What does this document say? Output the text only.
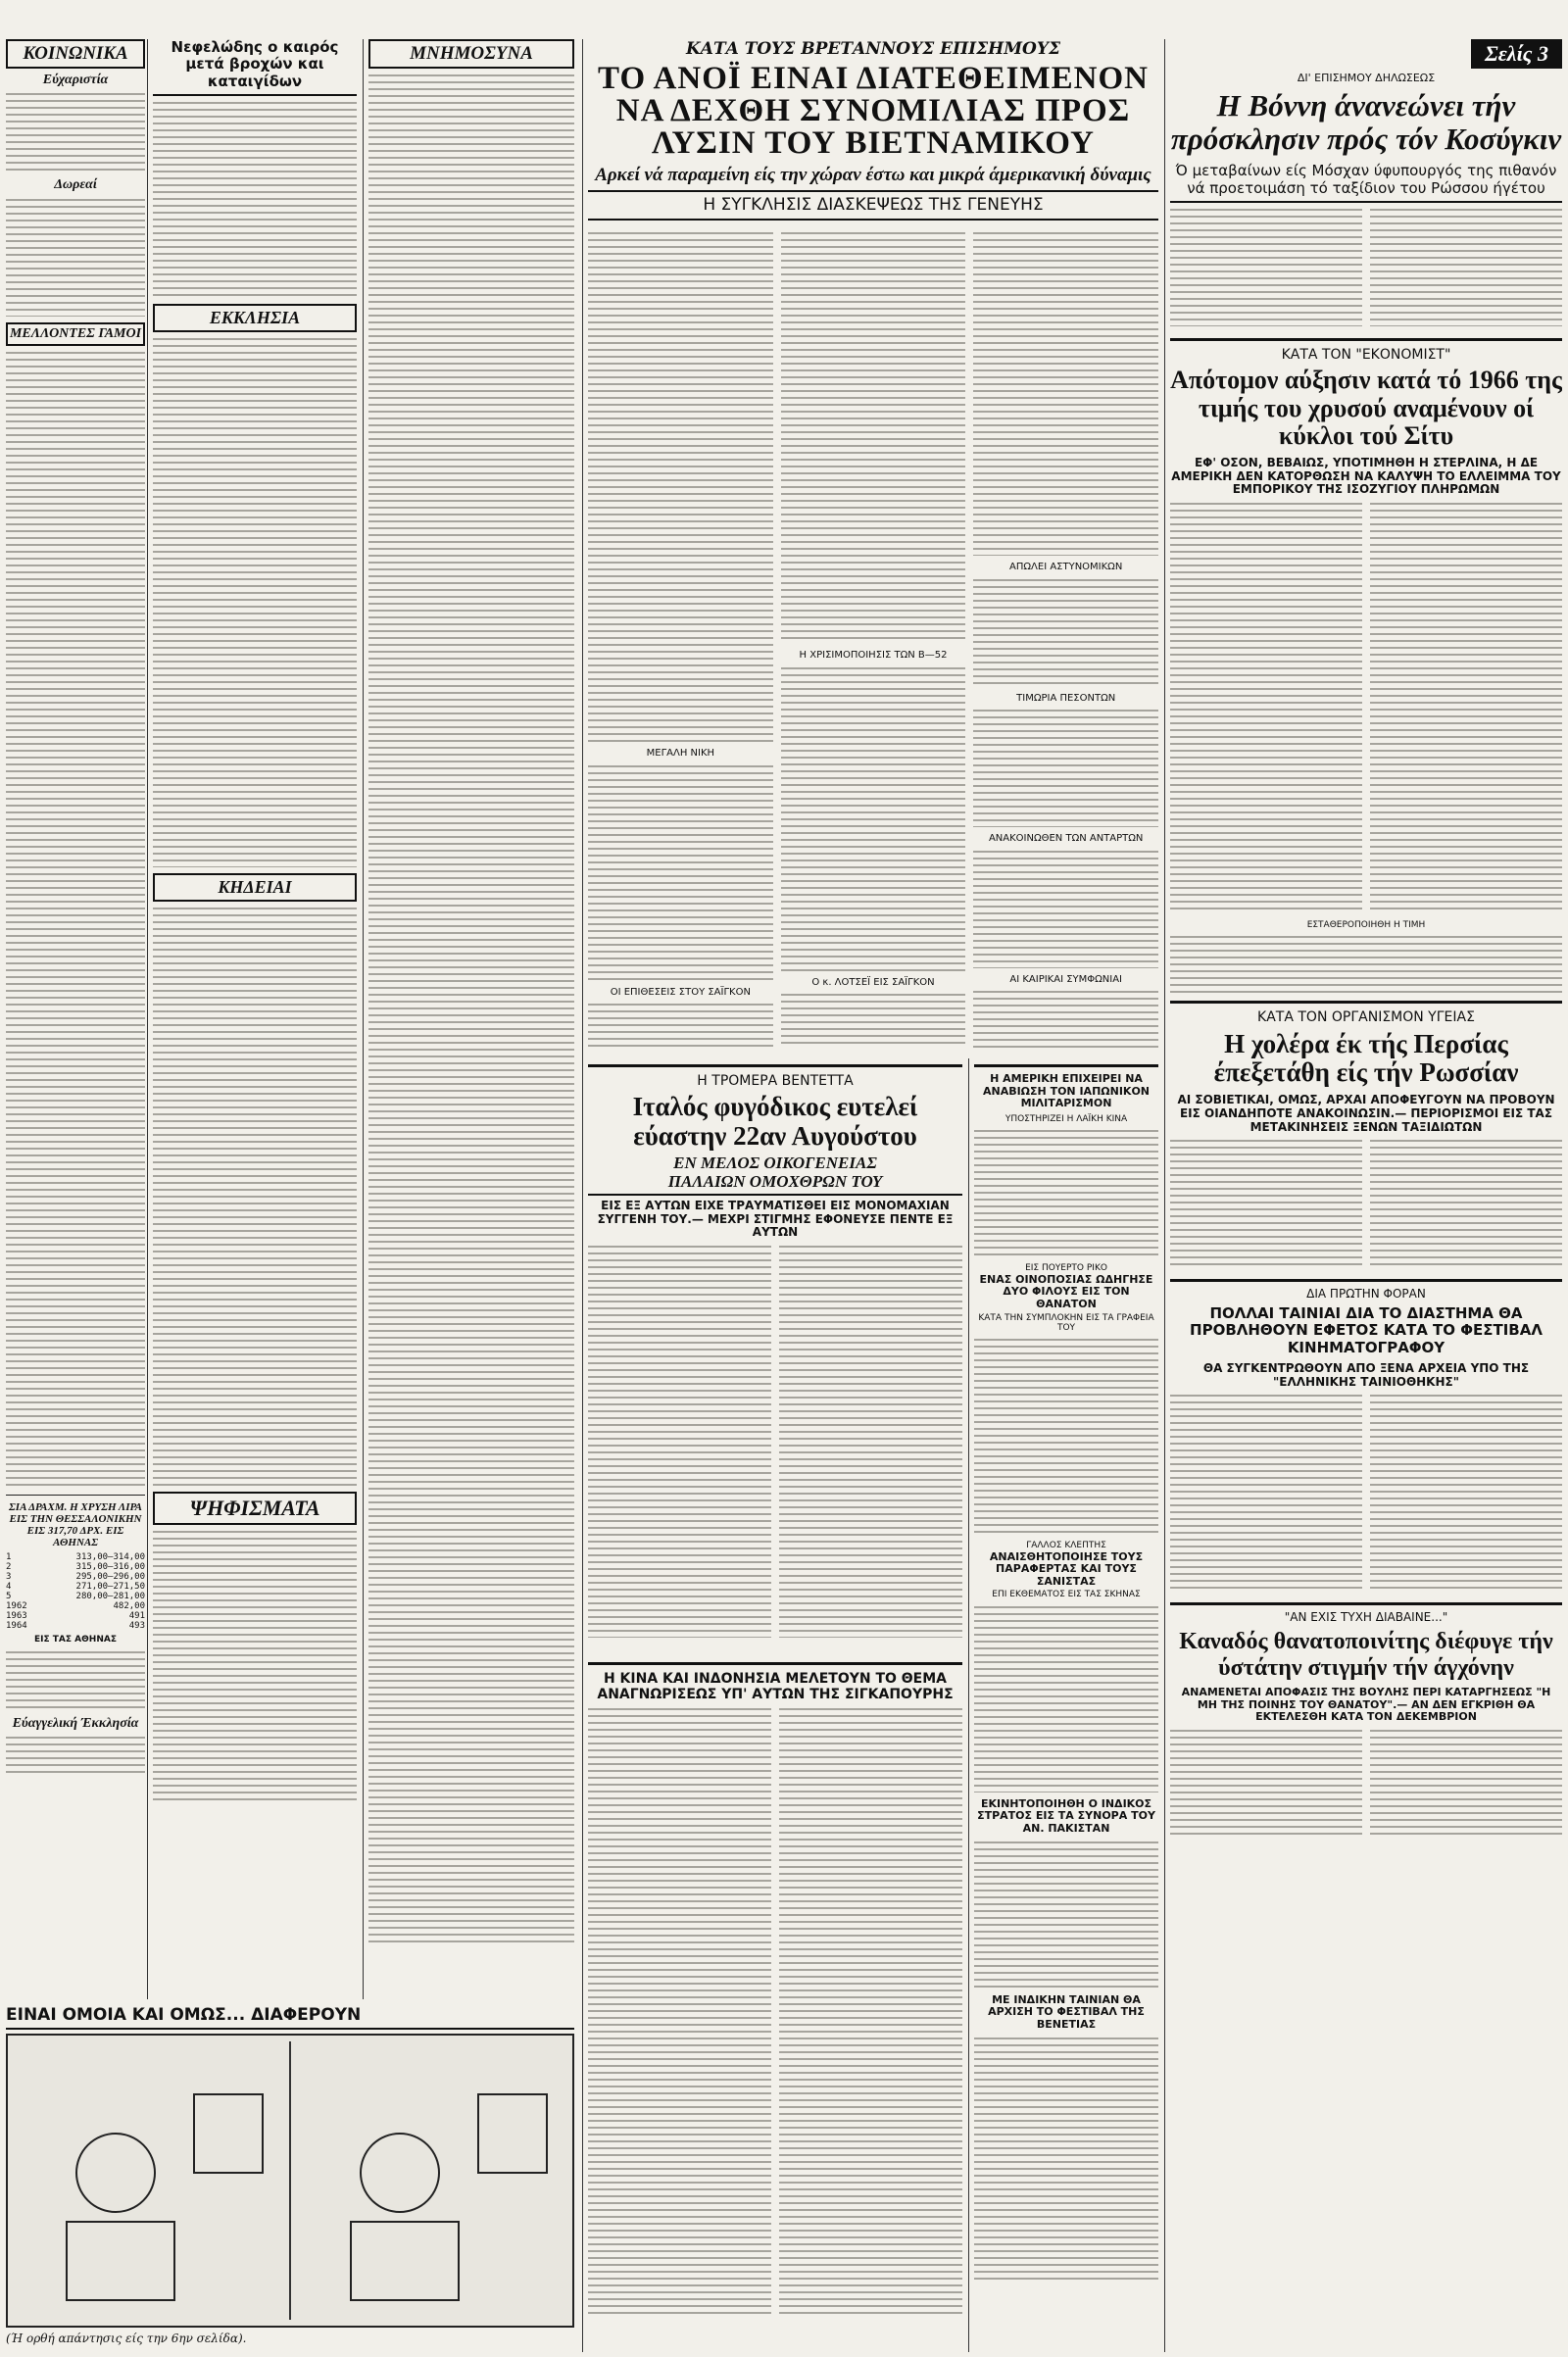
ΚΟΙΝΩΝΙΚΑ
Εύχαριστία
Δωρεαί
ΜΕΛΛΟΝΤΕΣ ΓΑΜΟΙ
ΣΙΑ ΔΡΑΧΜ. Η ΧΡΥΣΗ ΛΙΡΑ ΕΙΣ ΤΗΝ ΘΕΣΣΑΛΟΝΙΚΗΝ ΕΙΣ 317,70 ΔΡΧ. ΕΙΣ ΑΘΗΝΑΣ
1	313,00—314,00
2	315,00—316,00
3	295,00—296,00
4	271,00—271,50
5	280,00—281,00
1962	482,00
1963	491
1964	493
ΕΙΣ ΤΑΣ ΑΘΗΝΑΣ
Εύαγγελική Έκκλησία
ΕΙΝΑΙ ΟΜΟΙΑ ΚΑΙ ΟΜΩΣ... ΔΙΑΦΕΡΟΥΝ
(Ή ορθή απάντησις είς την 6ην σελίδα).
Νεφελώδης ο καιρός μετά βροχών και καταιγίδων
ΕΚΚΛΗΣΙΑ
ΚΗΔΕΙΑΙ
ΨΗΦΙΣΜΑΤΑ
ΜΝΗΜΟΣΥΝΑ	ΚΑΤΑ ΤΟΥΣ ΒΡΕΤΑΝΝΟΥΣ ΕΠΙΣΗΜΟΥΣ
ΤΟ ΑΝΟΪ ΕΙΝΑΙ ΔΙΑΤΕΘΕΙΜΕΝΟΝ ΝΑ ΔΕΧΘΗ ΣΥΝΟΜΙΛΙΑΣ ΠΡΟΣ ΛΥΣΙΝ ΤΟΥ ΒΙΕΤΝΑΜΙΚΟΥ
Αρκεί νά παραμείνη είς την χώραν έστω και μικρά άμερικανική δύναμις
Η ΣΥΓΚΛΗΣΙΣ ΔΙΑΣΚΕΨΕΩΣ ΤΗΣ ΓΕΝΕΥΗΣ
ΜΕΓΑΛΗ ΝΙΚΗ
ΟΙ ΕΠΙΘΕΣΕΙΣ ΣΤΟΥ ΣΑΪΓΚΟΝ
Η ΧΡΙΣΙΜΟΠΟΙΗΣΙΣ ΤΩΝ Β—52
Ο κ. ΛΟΤΣΕΪ ΕΙΣ ΣΑΪΓΚΟΝ
ΑΠΩΛΕΙ ΑΣΤΥΝΟΜΙΚΩΝ
ΤΙΜΩΡΙΑ ΠΕΣΟΝΤΩΝ
ΑΝΑΚΟΙΝΩΘΕΝ ΤΩΝ ΑΝΤΑΡΤΩΝ
ΑΙ ΚΑΙΡΙΚΑΙ ΣΥΜΦΩΝΙΑΙ
Η ΤΡΟΜΕΡΑ ΒΕΝΤΕΤΤΑ
Ιταλός φυγόδικος ευτελεί εύαστην 22αν Αυγούστου
ΕΝ ΜΕΛΟΣ ΟΙΚΟΓΕΝΕΙΑΣ
ΠΑΛΑΙΩΝ ΟΜΟΧΘΡΩΝ ΤΟΥ
ΕΙΣ ΕΞ ΑΥΤΩΝ ΕΙΧΕ ΤΡΑΥΜΑΤΙΣΘΕΙ ΕΙΣ ΜΟΝΟΜΑΧΙΑΝ ΣΥΓΓΕΝΗ ΤΟΥ.— ΜΕΧΡΙ ΣΤΙΓΜΗΣ ΕΦΟΝΕΥΣΕ ΠΕΝΤΕ ΕΞ ΑΥΤΩΝ
Η ΚΙΝΑ ΚΑΙ ΙΝΔΟΝΗΣΙΑ ΜΕΛΕΤΟΥΝ ΤΟ ΘΕΜΑ ΑΝΑΓΝΩΡΙΣΕΩΣ ΥΠ' ΑΥΤΩΝ ΤΗΣ ΣΙΓΚΑΠΟΥΡΗΣ
Η ΑΜΕΡΙΚΗ ΕΠΙΧΕΙΡΕΙ ΝΑ ΑΝΑΒΙΩΣΗ ΤΟΝ ΙΑΠΩΝΙΚΟΝ ΜΙΛΙΤΑΡΙΣΜΟΝ
ΥΠΟΣΤΗΡΙΖΕΙ Η ΛΑΪΚΗ ΚΙΝΑ
ΕΙΣ ΠΟΥΕΡΤΟ ΡΙΚΟ
ΕΝΑΣ ΟΙΝΟΠΟΣΙΑΣ ΩΔΗΓΗΣΕ ΔΥΟ ΦΙΛΟΥΣ ΕΙΣ ΤΟΝ ΘΑΝΑΤΟΝ
ΚΑΤΑ ΤΗΝ ΣΥΜΠΛΟΚΗΝ ΕΙΣ ΤΑ ΓΡΑΦΕΙΑ ΤΟΥ
ΓΑΛΛΟΣ ΚΛΕΠΤΗΣ
ΑΝΑΙΣΘΗΤΟΠΟΙΗΣΕ ΤΟΥΣ ΠΑΡΑΦΕΡΤΑΣ ΚΑΙ ΤΟΥΣ ΣΑΝΙΣΤΑΣ
ΕΠΙ ΕΚΘΕΜΑΤΟΣ ΕΙΣ ΤΑΣ ΣΚΗΝΑΣ
ΕΚΙΝΗΤΟΠΟΙΗΘΗ Ο ΙΝΔΙΚΟΣ ΣΤΡΑΤΟΣ ΕΙΣ ΤΑ ΣΥΝΟΡΑ ΤΟΥ ΑΝ. ΠΑΚΙΣΤΑΝ
ΜΕ ΙΝΔΙΚΗΝ ΤΑΙΝΙΑΝ ΘΑ ΑΡΧΙΣΗ ΤΟ ΦΕΣΤΙΒΑΛ ΤΗΣ ΒΕΝΕΤΙΑΣ
Σελίς 3
ΔΙ' ΕΠΙΣΗΜΟΥ ΔΗΛΩΣΕΩΣ
Η Βόννη άνανεώνει τήν πρόσκλησιν πρός τόν Κοσύγκιν
Ό μεταβαίνων είς Μόσχαν ύφυπουργός της πιθανόν νά προετοιμάση τό ταξίδιον του Ρώσσου ήγέτου
ΚΑΤΑ ΤΟΝ "ΕΚΟΝΟΜΙΣΤ"
Απότομον αύξησιν κατά τό 1966 της τιμής του χρυσού αναμένουν οί κύκλοι τού Σίτυ
ΕΦ' ΟΣΟΝ, ΒΕΒΑΙΩΣ, ΥΠΟΤΙΜΗΘΗ Η ΣΤΕΡΛΙΝΑ, Η ΔΕ ΑΜΕΡΙΚΗ ΔΕΝ ΚΑΤΟΡΘΩΣΗ ΝΑ ΚΑΛΥΨΗ ΤΟ ΕΛΛΕΙΜΜΑ ΤΟΥ ΕΜΠΟΡΙΚΟΥ ΤΗΣ ΙΣΟΖΥΓΙΟΥ ΠΛΗΡΩΜΩΝ
ΕΣΤΑΘΕΡΟΠΟΙΗΘΗ Η ΤΙΜΗ
ΚΑΤΑ ΤΟΝ ΟΡΓΑΝΙΣΜΟΝ ΥΓΕΙΑΣ
Η χολέρα έκ τής Περσίας έπεξετάθη είς τήν Ρωσσίαν
ΑΙ ΣΟΒΙΕΤΙΚΑΙ, ΟΜΩΣ, ΑΡΧΑΙ ΑΠΟΦΕΥΓΟΥΝ ΝΑ ΠΡΟΒΟΥΝ ΕΙΣ ΟΙΑΝΔΗΠΟΤΕ ΑΝΑΚΟΙΝΩΣΙΝ.— ΠΕΡΙΟΡΙΣΜΟΙ ΕΙΣ ΤΑΣ ΜΕΤΑΚΙΝΗΣΕΙΣ ΞΕΝΩΝ ΤΑΞΙΔΙΩΤΩΝ
ΔΙΑ ΠΡΩΤΗΝ ΦΟΡΑΝ
ΠΟΛΛΑΙ ΤΑΙΝΙΑΙ ΔΙΑ ΤΟ ΔΙΑΣΤΗΜΑ ΘΑ ΠΡΟΒΛΗΘΟΥΝ ΕΦΕΤΟΣ ΚΑΤΑ ΤΟ ΦΕΣΤΙΒΑΛ ΚΙΝΗΜΑΤΟΓΡΑΦΟΥ
ΘΑ ΣΥΓΚΕΝΤΡΩΘΟΥΝ ΑΠΟ ΞΕΝΑ ΑΡΧΕΙΑ ΥΠΟ ΤΗΣ "ΕΛΛΗΝΙΚΗΣ ΤΑΙΝΙΟΘΗΚΗΣ"
"ΑΝ ΕΧΙΣ ΤΥΧΗ ΔΙΑΒΑΙΝΕ..."
Καναδός θανατοποινίτης διέφυγε τήν ύστάτην στιγμήν τήν άγχόνην
ΑΝΑΜΕΝΕΤΑΙ ΑΠΟΦΑΣΙΣ ΤΗΣ ΒΟΥΛΗΣ ΠΕΡΙ ΚΑΤΑΡΓΗΣΕΩΣ "Η ΜΗ ΤΗΣ ΠΟΙΝΗΣ ΤΟΥ ΘΑΝΑΤΟΥ".— ΑΝ ΔΕΝ ΕΓΚΡΙΘΗ ΘΑ ΕΚΤΕΛΕΣΘΗ ΚΑΤΑ ΤΟΝ ΔΕΚΕΜΒΡΙΟΝ
